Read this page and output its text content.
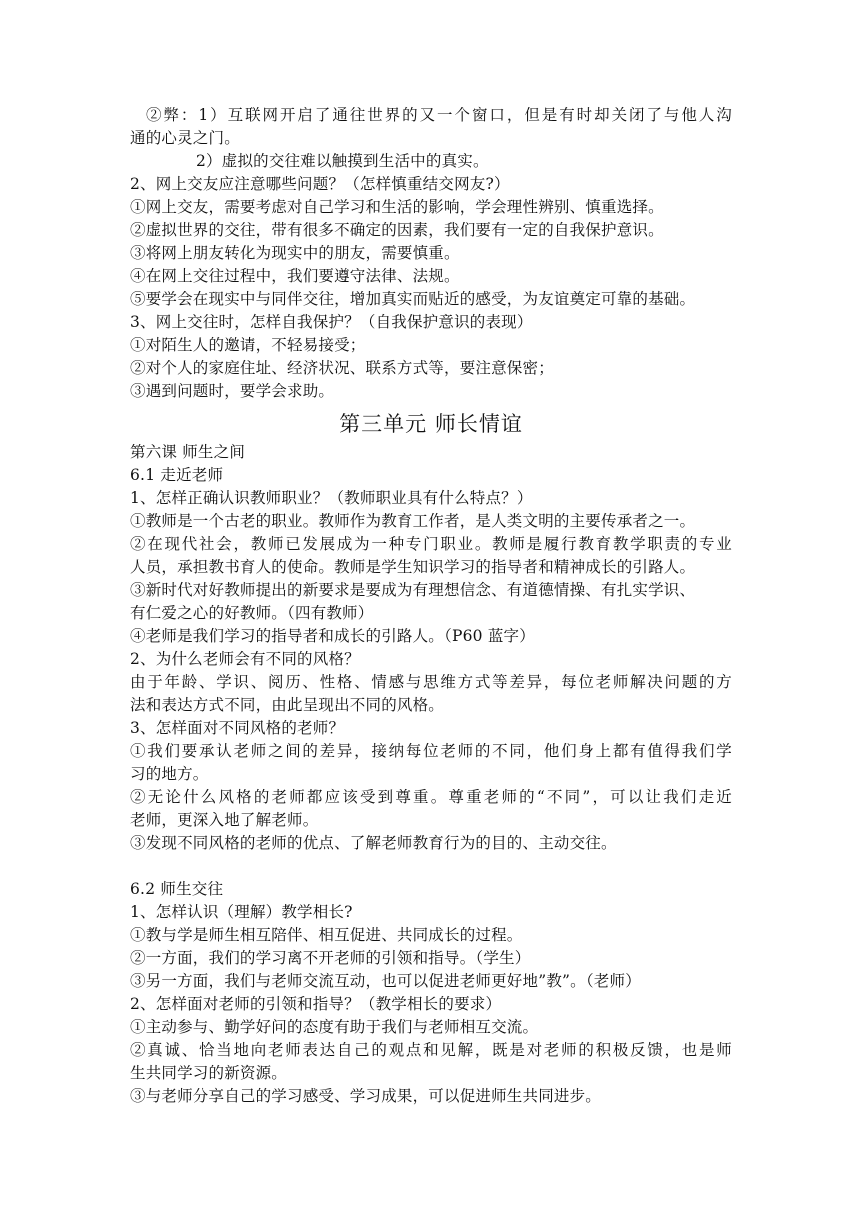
②弊：1）互联网开启了通往世界的又一个窗口，但是有时却关闭了与他人沟
通的心灵之门。
2）虚拟的交往难以触摸到生活中的真实。
2、网上交友应注意哪些问题？（怎样慎重结交网友?）
①网上交友，需要考虑对自己学习和生活的影响，学会理性辨别、慎重选择。
②虚拟世界的交往，带有很多不确定的因素，我们要有一定的自我保护意识。
③将网上朋友转化为现实中的朋友，需要慎重。
④在网上交往过程中，我们要遵守法律、法规。
⑤要学会在现实中与同伴交往，增加真实而贴近的感受，为友谊奠定可靠的基础。
3、网上交往时，怎样自我保护？（自我保护意识的表现）
①对陌生人的邀请，不轻易接受；
②对个人的家庭住址、经济状况、联系方式等，要注意保密；
③遇到问题时，要学会求助。
第三单元 师长情谊
第六课 师生之间
6.1 走近老师
1、怎样正确认识教师职业？（教师职业具有什么特点？）
①教师是一个古老的职业。教师作为教育工作者，是人类文明的主要传承者之一。
②在现代社会，教师已发展成为一种专门职业。教师是履行教育教学职责的专业
人员，承担教书育人的使命。教师是学生知识学习的指导者和精神成长的引路人。
③新时代对好教师提出的新要求是要成为有理想信念、有道德情操、有扎实学识、
有仁爱之心的好教师。（四有教师）
④老师是我们学习的指导者和成长的引路人。（P60 蓝字）
2、为什么老师会有不同的风格？
由于年龄、学识、阅历、性格、情感与思维方式等差异，每位老师解决问题的方
法和表达方式不同，由此呈现出不同的风格。
3、怎样面对不同风格的老师？
①我们要承认老师之间的差异，接纳每位老师的不同，他们身上都有值得我们学
习的地方。
②无论什么风格的老师都应该受到尊重。尊重老师的“不同”，可以让我们走近
老师，更深入地了解老师。
③发现不同风格的老师的优点、了解老师教育行为的目的、主动交往。
6.2 师生交往
1、怎样认识（理解）教学相长?
①教与学是师生相互陪伴、相互促进、共同成长的过程。
②一方面，我们的学习离不开老师的引领和指导。（学生）
③另一方面，我们与老师交流互动，也可以促进老师更好地”教”。（老师）
2、怎样面对老师的引领和指导？（教学相长的要求）
①主动参与、勤学好问的态度有助于我们与老师相互交流。
②真诚、恰当地向老师表达自己的观点和见解，既是对老师的积极反馈，也是师
生共同学习的新资源。
③与老师分享自己的学习感受、学习成果，可以促进师生共同进步。
